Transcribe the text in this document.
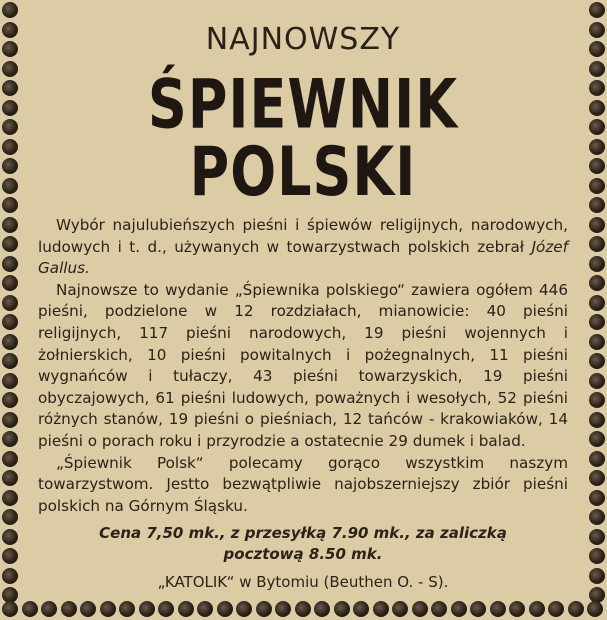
NAJNOWSZY
ŚPIEWNIK POLSKI

Wybór najulubieńszych pieśni i śpiewów religijnych, narodowych, ludowych i t. d., używanych w towarzystwach polskich zebrał Józef Gallus.

Najnowsze to wydanie „Śpiewnika polskiego“ zawiera ogółem 446 pieśni, podzielone w 12 rozdziałach, mianowicie: 40 pieśni religijnych, 117 pieśni narodowych, 19 pieśni wojennych i żołnierskich, 10 pieśni powitalnych i pożegnalnych, 11 pieśni wygnańców i tułaczy, 43 pieśni towarzyskich, 19 pieśni obyczajowych, 61 pieśni ludowych, poważnych i wesołych, 52 pieśni różnych stanów, 19 pieśni o pieśniach, 12 tańców - krakowiaków, 14 pieśni o porach roku i przyrodzie a ostatecnie 29 dumek i balad.

„Śpiewnik Polsk“ polecamy gorąco wszystkim naszym towarzystwom. Jestto bezwątpliwie najobszerniejszy zbiór pieśni polskich na Górnym Śląsku.

Cena 7,50 mk., z przesyłką 7.90 mk., za zaliczką
pocztową 8.50 mk.
„KATOLIK“ w Bytomiu (Beuthen O. - S).
